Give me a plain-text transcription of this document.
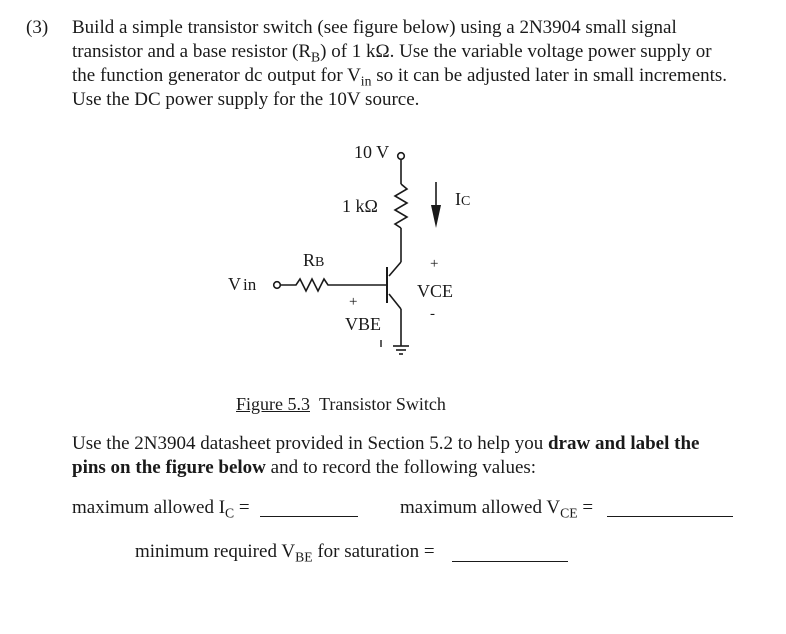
(3) Build a simple transistor switch (see figure below) using a 2N3904 small signal
transistor and a base resistor $(R_B)$ of 1 kΩ. Use the variable voltage power supply or
the function generator dc output for $V_{in}$ so it can be adjusted later in small increments.
Use the DC power supply for the 10V source.
10 V
1 kΩ	IC
RB
V in
+
VCE
-
+
VBE
Figure 5.3 Transistor Switch
Use the 2N3904 datasheet provided in Section 5.2 to help you draw and label the
pins on the figure below and to record the following values:
maximum allowed $I_C$ =	maximum allowed $V_{CE}$ =
minimum required $V_{BE}$ for saturation =
